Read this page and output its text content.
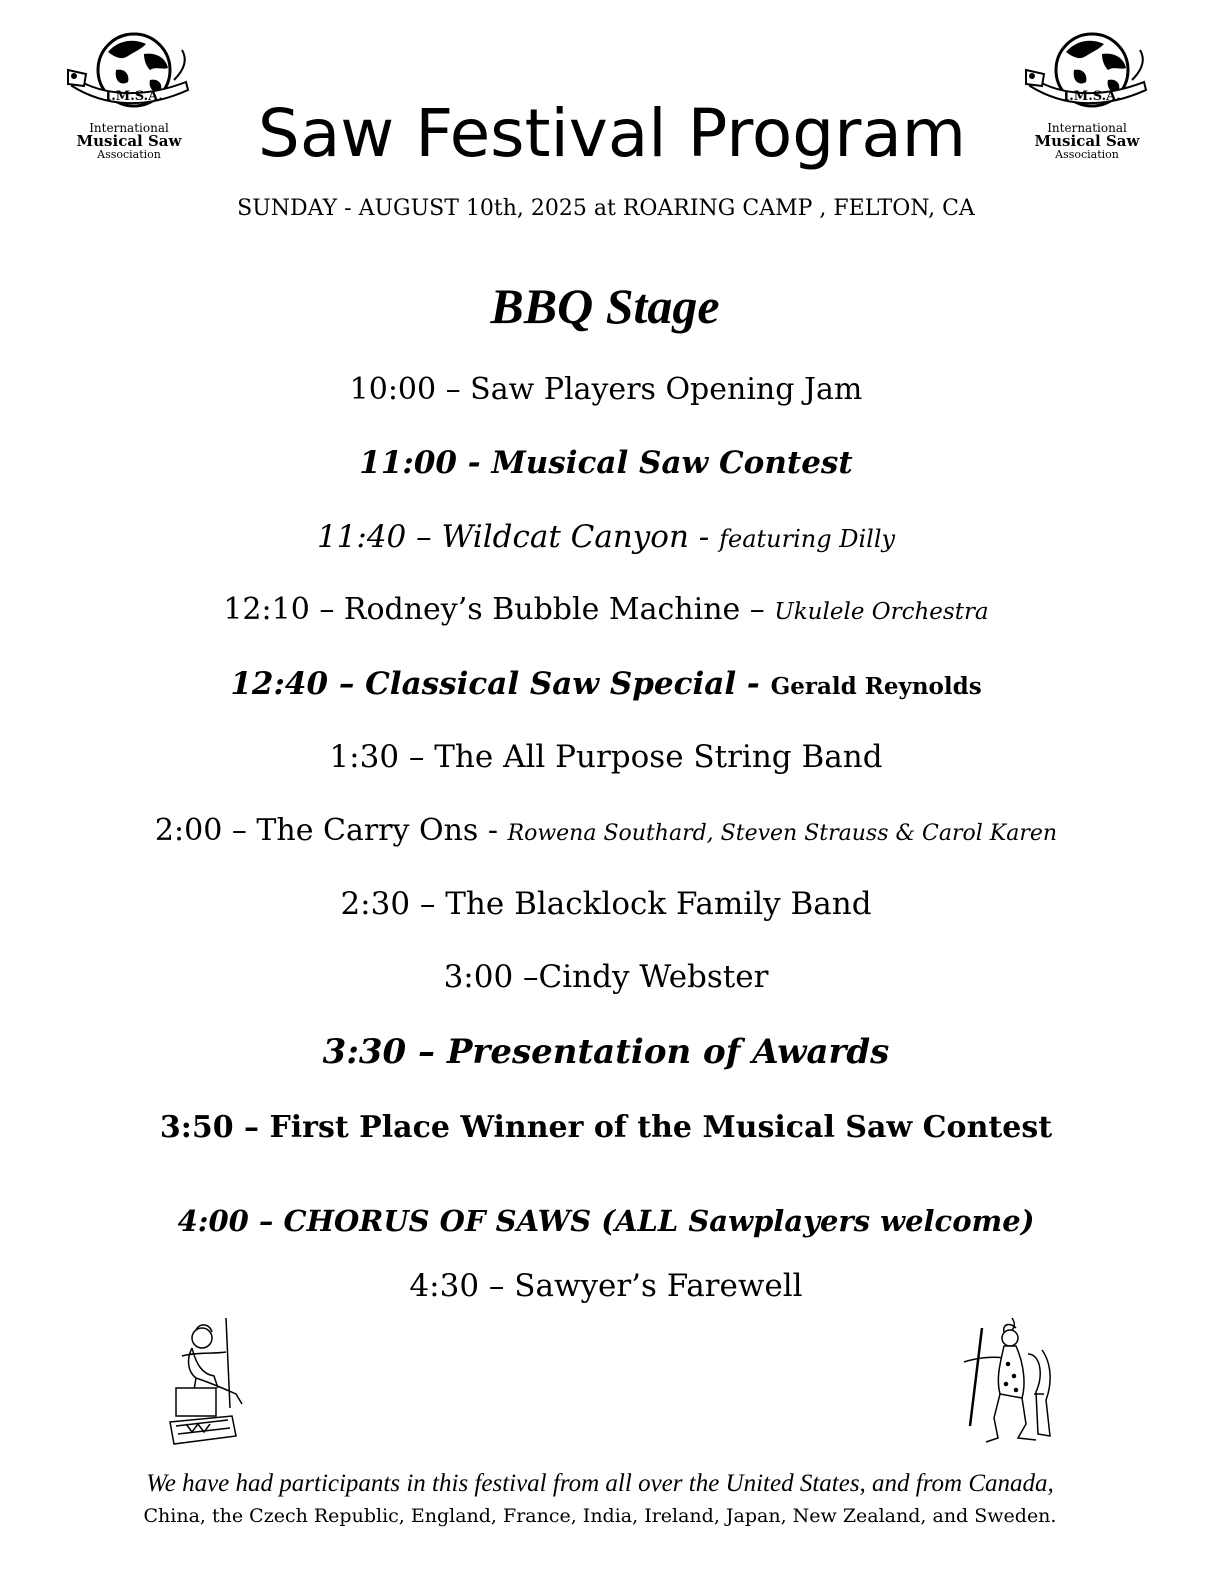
I.M.S.A.
International
Musical Saw
Association
I.M.S.A.
International
Musical Saw
Association
Saw Festival Program
SUNDAY - AUGUST 10th, 2025 at ROARING CAMP , FELTON, CA
BBQ Stage
10:00 – Saw Players Opening Jam
11:00 - Musical Saw Contest
11:40 – Wildcat Canyon - featuring Dilly
12:10 – Rodney’s Bubble Machine – Ukulele Orchestra
12:40 – Classical Saw Special - Gerald Reynolds
1:30 – The All Purpose String Band
2:00 – The Carry Ons - Rowena Southard, Steven Strauss & Carol Karen
2:30 – The Blacklock Family Band
3:00 –Cindy Webster
3:30 – Presentation of Awards
3:50 – First Place Winner of the Musical Saw Contest
4:00 – CHORUS OF SAWS (ALL Sawplayers welcome)
4:30 – Sawyer’s Farewell
We have had participants in this festival from all over the United States, and from Canada,
China, the Czech Republic, England, France, India, Ireland, Japan, New Zealand, and Sweden.
